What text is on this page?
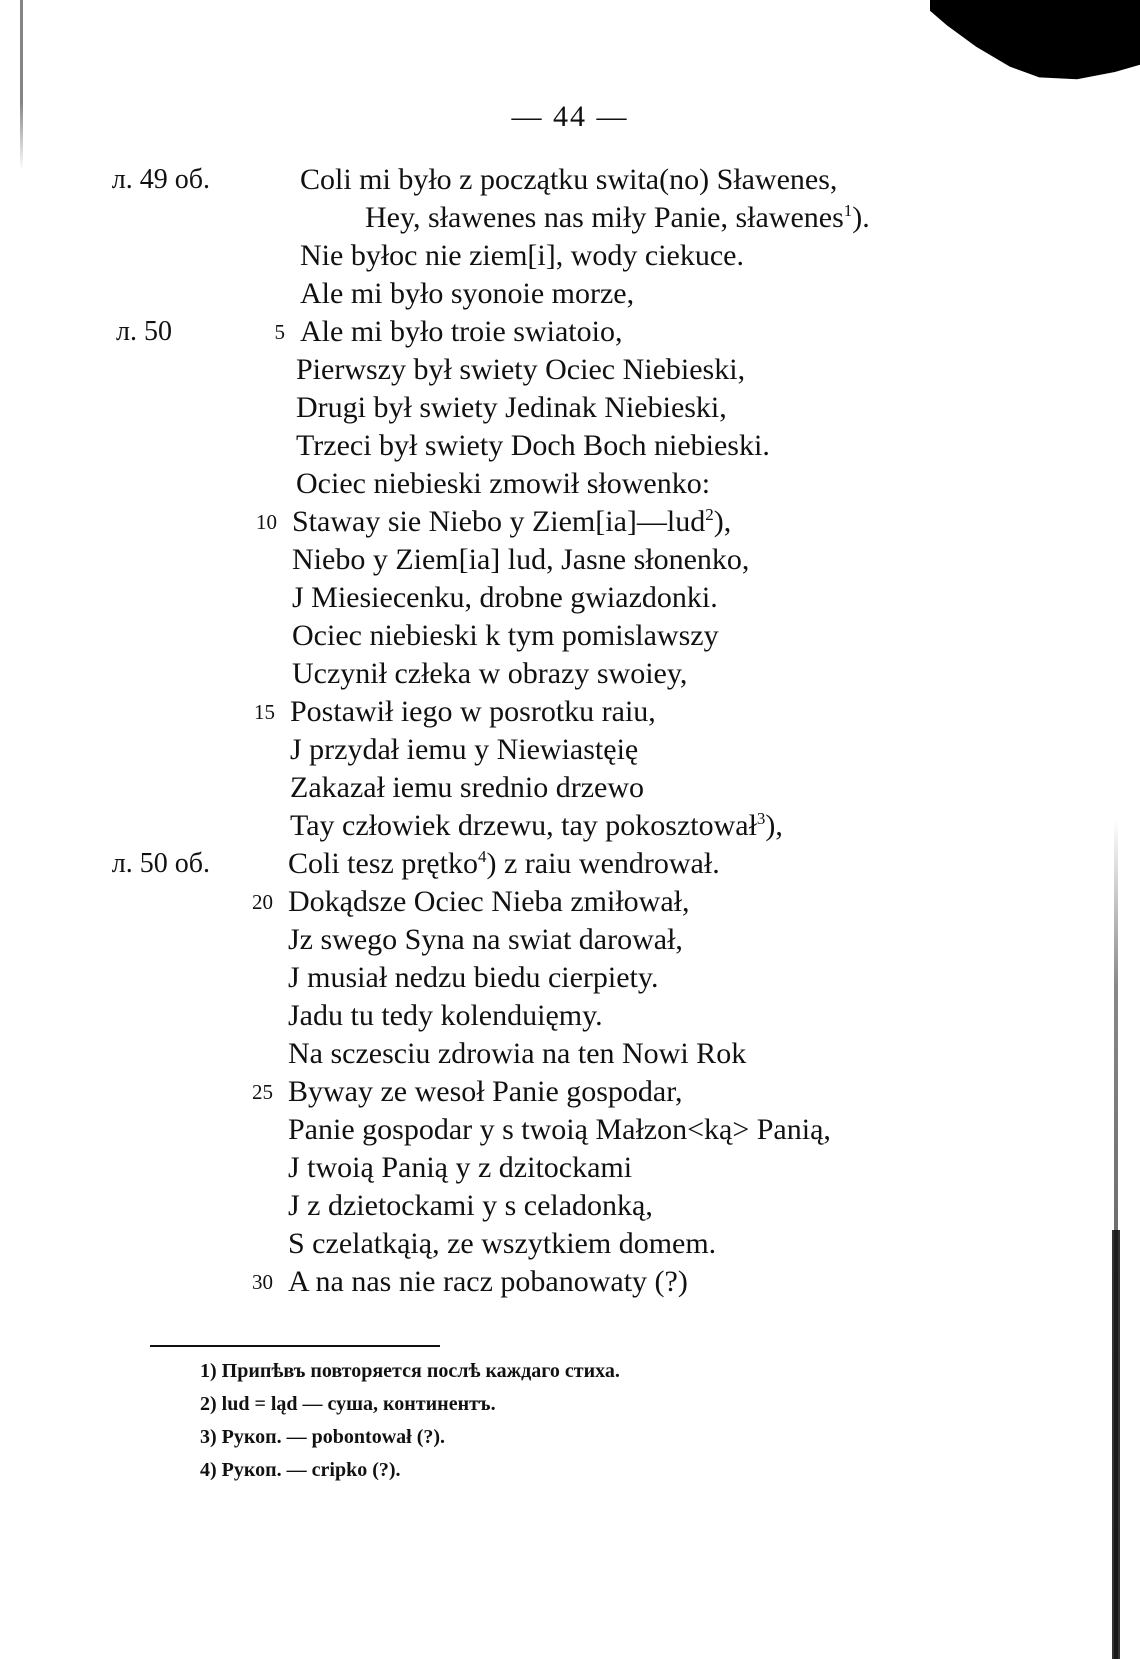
— 44 —
л. 49 об.	Coli mi było z początku swita(no) Sławenes,
Hey, sławenes nas miły Panie, sławenes$^1$).
Nie byłoc nie ziem[i], wody ciekuce.
Ale mi było syonoie morze,
л. 50	5 Ale mi było troie swiatoio,
Pierwszy był swiety Ociec Niebieski,
Drugi był swiety Jedinak Niebieski,
Trzeci był swiety Doch Boch niebieski.
Ociec niebieski zmowił słowenko:
10 Staway sie Niebo y Ziem[ia]—lud$^2$),
Niebo y Ziem[ia] lud, Jasne słonenko,
J Miesiecenku, drobne gwiazdonki.
Ociec niebieski k tym pomislawszy
Uczynił człeka w obrazy swoiey,
15 Postawił iego w posrotku raiu,
J przydał iemu y Niewiastęię
Zakazał iemu srednio drzewo
Tay człowiek drzewu, tay pokosztował$^3$),
л. 50 об.	Coli tesz prętko$^4$) z raiu wendrował.
20 Dokądsze Ociec Nieba zmiłował,
Jz swego Syna na swiat darował,
J musiał nedzu biedu cierpiety.
Jadu tu tedy kolenduięmy.
Na sczesciu zdrowia na ten Nowi Rok
25 Byway ze wesoł Panie gospodar,
Panie gospodar y s twoią Małzon<ką> Panią,
J twoią Panią y z dzitockami
J z dzietockami y s celadonką,
S czelatkąią, ze wszytkiem domem.
30 A na nas nie racz pobanowaty (?)
1) Припѣвъ повторяется послѣ каждаго стиха.
2) lud = ląd — суша, континентъ.
3) Рукоп. — pobontował (?).
4) Рукоп. — cripko (?).
